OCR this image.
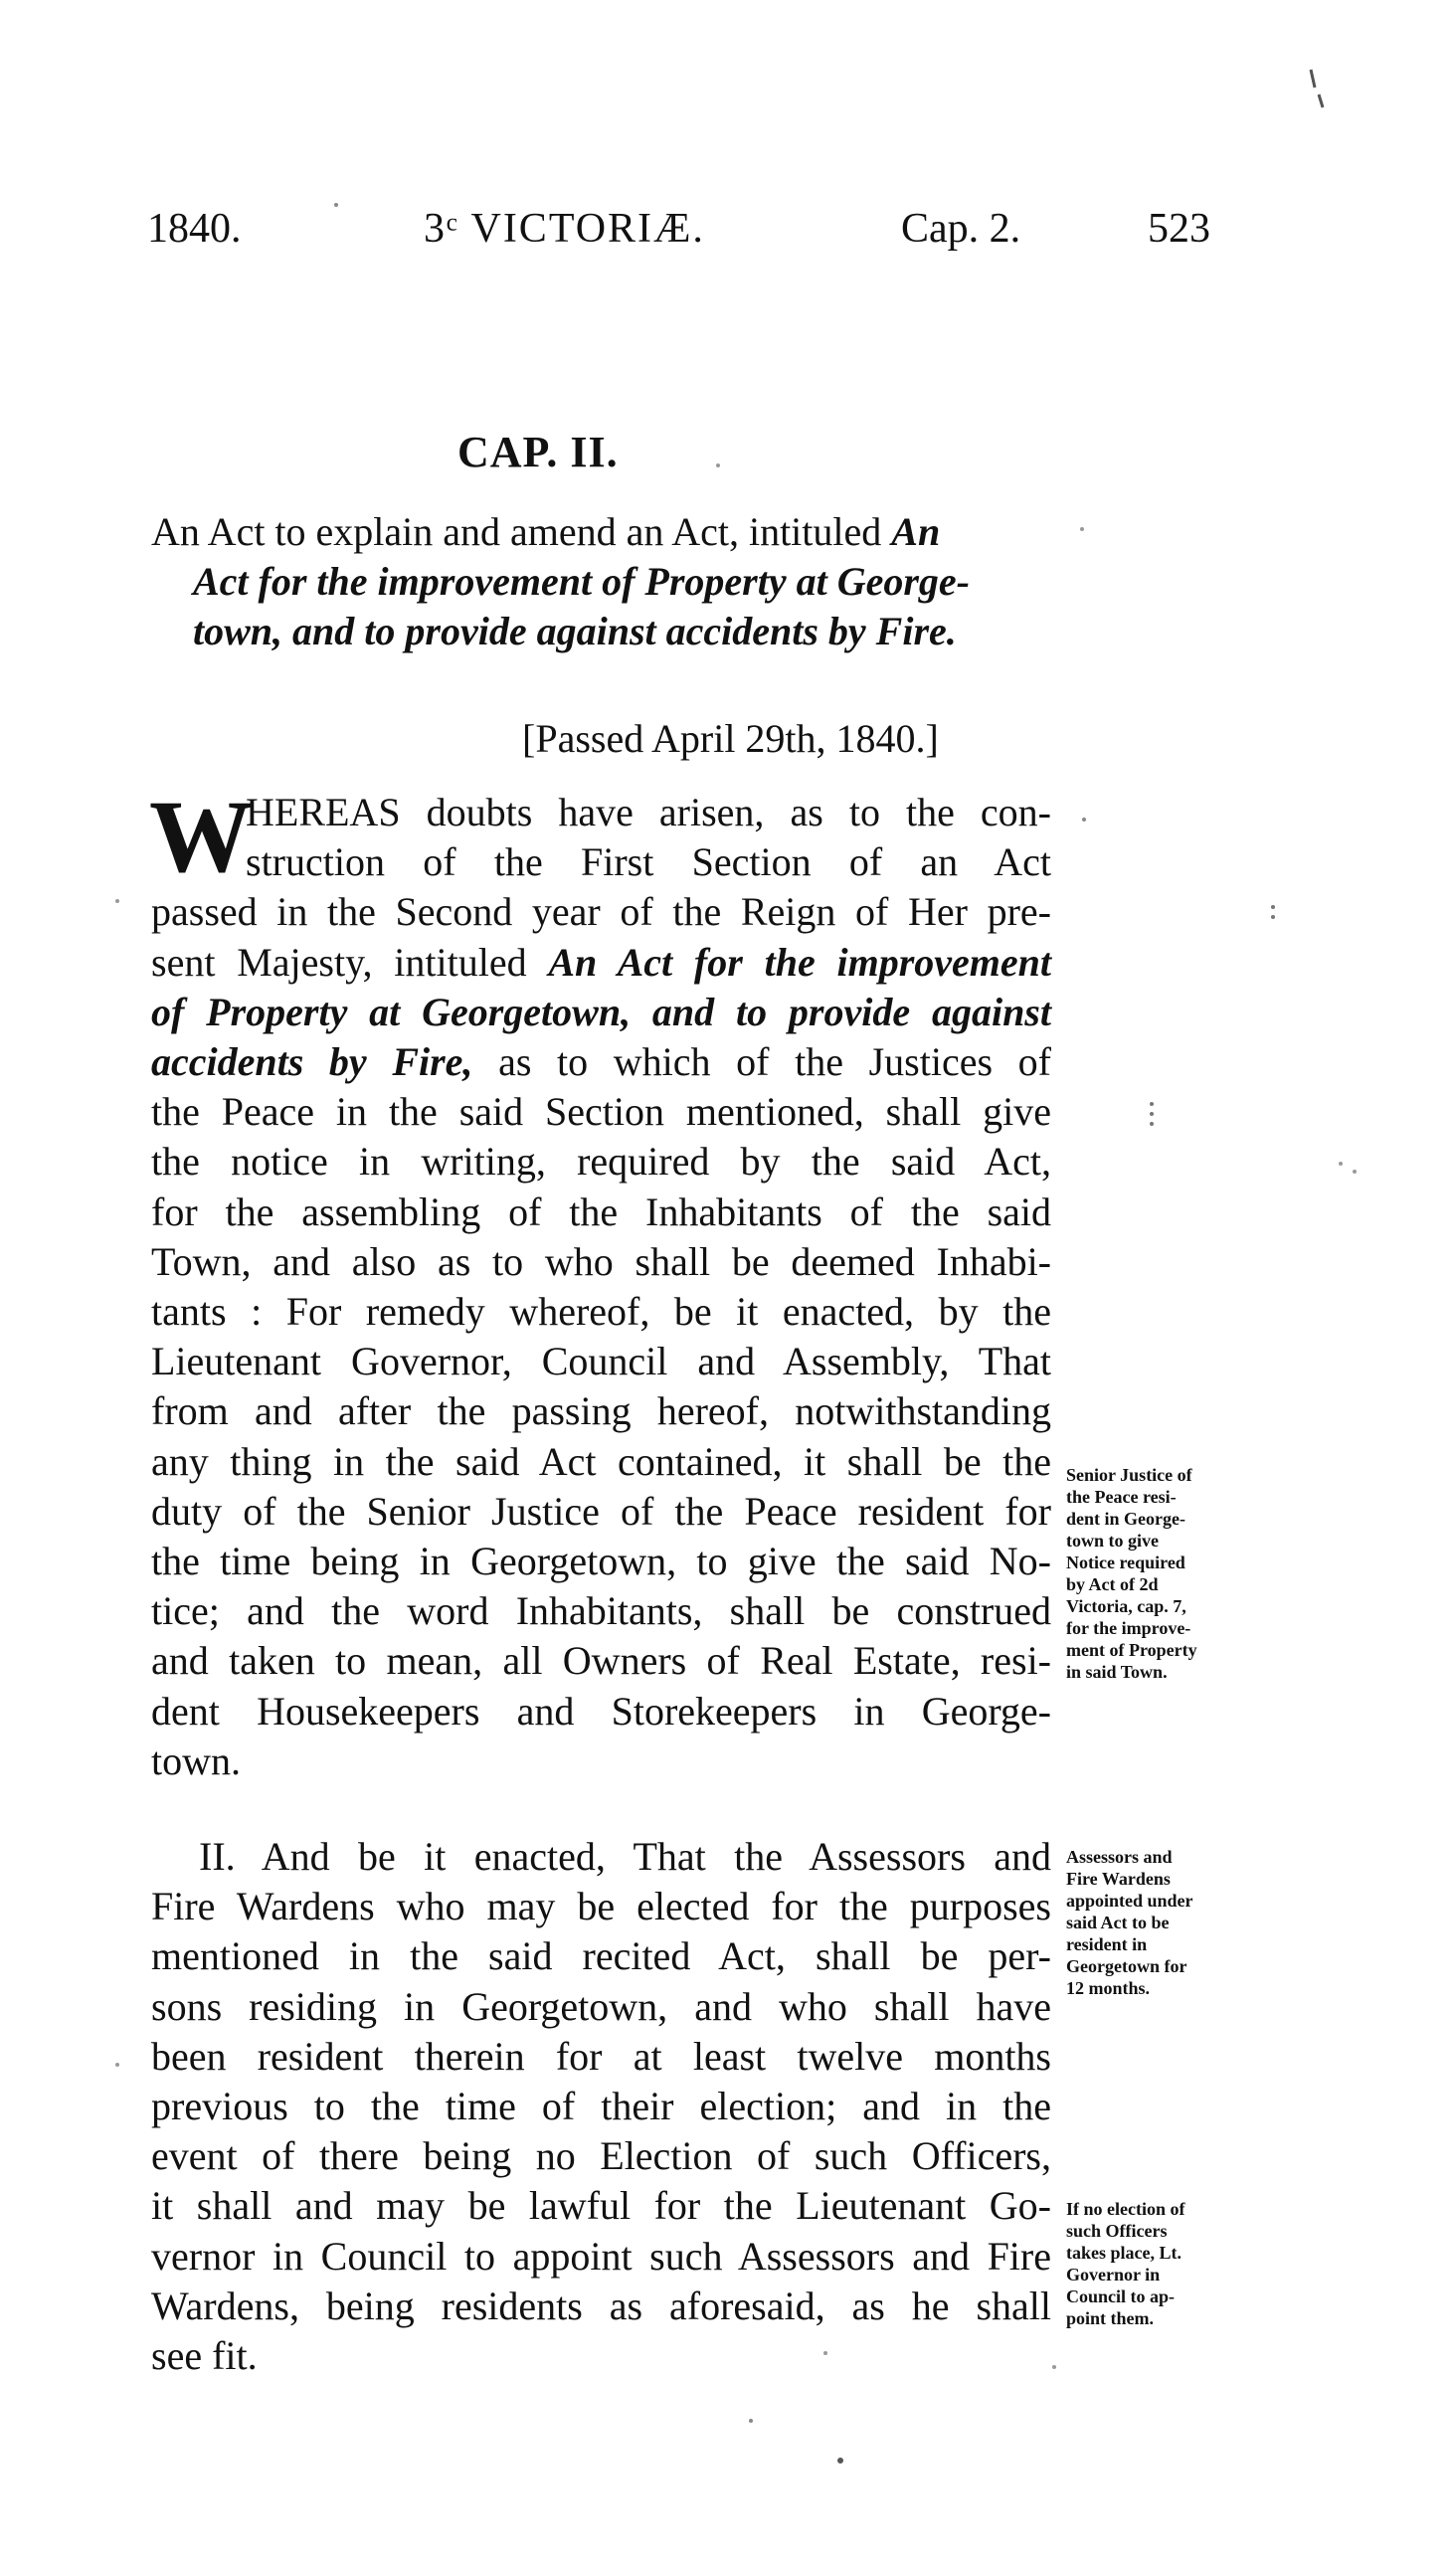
1840.	3ᶜ VICTORIÆ.	Cap. 2.	523
CAP. II.
An Act to explain and amend an Act, intituled An
Act for the improvement of Property at George-
town, and to provide against accidents by Fire.
[Passed April 29th, 1840.]
W
HEREAS doubts have arisen, as to the con-
struction of the First Section of an Act
passed in the Second year of the Reign of Her pre-
sent Majesty, intituled An Act for the improvement
of Property at Georgetown, and to provide against
accidents by Fire, as to which of the Justices of
the Peace in the said Section mentioned, shall give
the notice in writing, required by the said Act,
for the assembling of the Inhabitants of the said
Town, and also as to who shall be deemed Inhabi-
tants : For remedy whereof, be it enacted, by the
Lieutenant Governor, Council and Assembly, That
from and after the passing hereof, notwithstanding
any thing in the said Act contained, it shall be the
duty of the Senior Justice of the Peace resident for
the time being in Georgetown, to give the said No-
tice; and the word Inhabitants, shall be construed
and taken to mean, all Owners of Real Estate, resi-
dent Housekeepers and Storekeepers in George-
town.
II. And be it enacted, That the Assessors and
Fire Wardens who may be elected for the purposes
mentioned in the said recited Act, shall be per-
sons residing in Georgetown, and who shall have
been resident therein for at least twelve months
previous to the time of their election; and in the
event of there being no Election of such Officers,
it shall and may be lawful for the Lieutenant Go-
vernor in Council to appoint such Assessors and Fire
Wardens, being residents as aforesaid, as he shall
see fit.
Senior Justice of
the Peace resi-
dent in George-
town to give
Notice required
by Act of 2d
Victoria, cap. 7,
for the improve-
ment of Property
in said Town.
Assessors and
Fire Wardens
appointed under
said Act to be
resident in
Georgetown for
12 months.
If no election of
such Officers
takes place, Lt.
Governor in
Council to ap-
point them.
